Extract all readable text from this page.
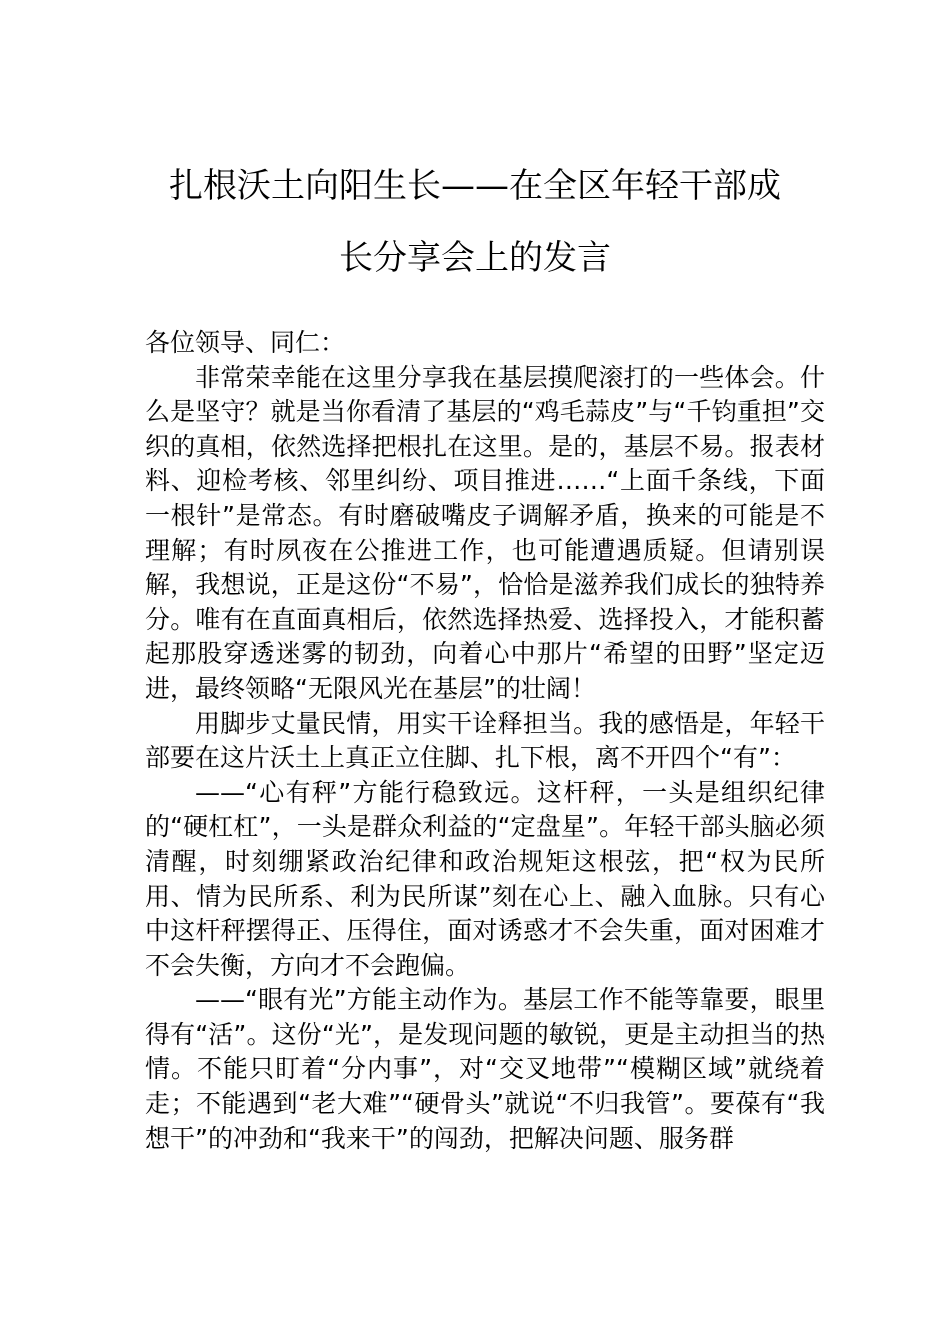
扎根沃土向阳生长——在全区年轻干部成
长分享会上的发言

各位领导、同仁：

非常荣幸能在这里分享我在基层摸爬滚打的一些体会。什么是坚守？就是当你看清了基层的“鸡毛蒜皮”与“千钧重担”交织的真相，依然选择把根扎在这里。是的，基层不易。报表材料、迎检考核、邻里纠纷、项目推进……“上面千条线，下面一根针”是常态。有时磨破嘴皮子调解矛盾，换来的可能是不理解；有时夙夜在公推进工作，也可能遭遇质疑。但请别误解，我想说，正是这份“不易”，恰恰是滋养我们成长的独特养分。唯有在直面真相后，依然选择热爱、选择投入，才能积蓄起那股穿透迷雾的韧劲，向着心中那片“希望的田野”坚定迈进，最终领略“无限风光在基层”的壮阔！

用脚步丈量民情，用实干诠释担当。我的感悟是，年轻干部要在这片沃土上真正立住脚、扎下根，离不开四个“有”：

——“心有秤”方能行稳致远。这杆秤，一头是组织纪律的“硬杠杠”，一头是群众利益的“定盘星”。年轻干部头脑必须清醒，时刻绷紧政治纪律和政治规矩这根弦，把“权为民所用、情为民所系、利为民所谋”刻在心上、融入血脉。只有心中这杆秤摆得正、压得住，面对诱惑才不会失重，面对困难才不会失衡，方向才不会跑偏。

——“眼有光”方能主动作为。基层工作不能等靠要，眼里得有“活”。这份“光”，是发现问题的敏锐，更是主动担当的热情。不能只盯着“分内事”，对“交叉地带”“模糊区域”就绕着走；不能遇到“老大难”“硬骨头”就说“不归我管”。要葆有“我想干”的冲劲和“我来干”的闯劲，把解决问题、服务群
